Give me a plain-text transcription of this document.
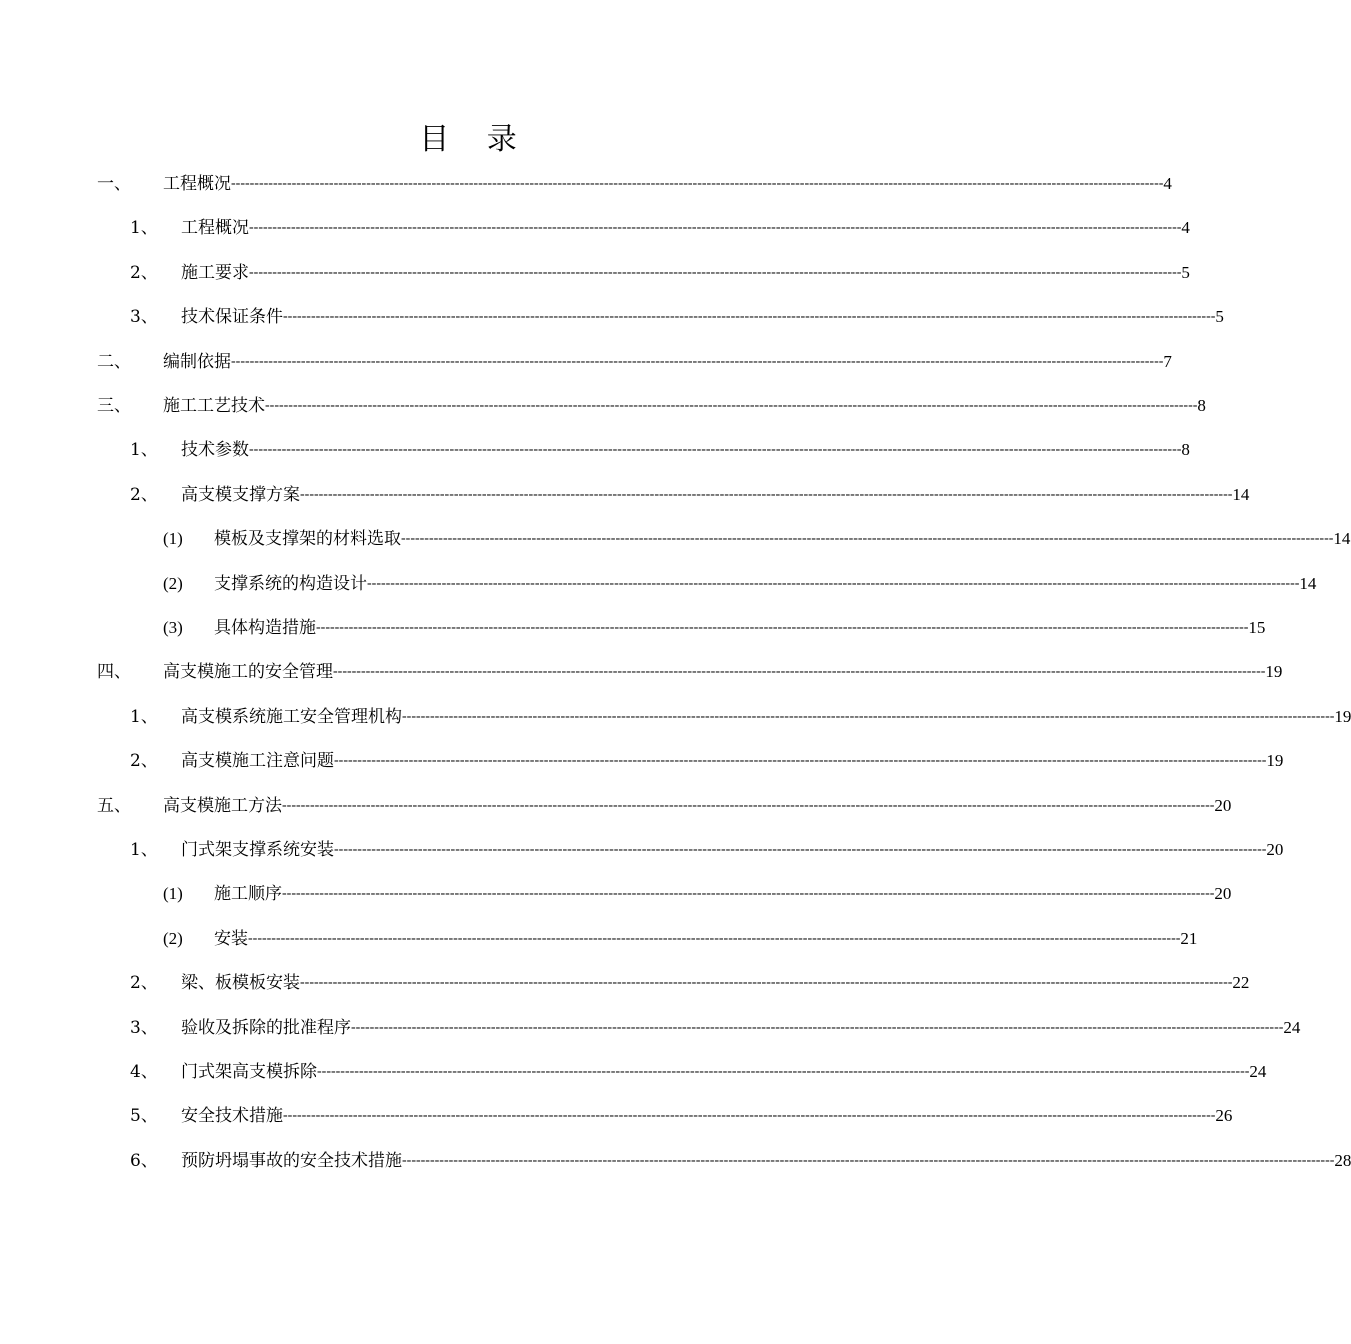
目 录
一、 工程概况 -------------------------------------------------------------------------------------------------------------------------------------------------------------------------------------------------------- 4
1、 工程概况 -------------------------------------------------------------------------------------------------------------------------------------------------------------------------------------------------------- 4
2、 施工要求 -------------------------------------------------------------------------------------------------------------------------------------------------------------------------------------------------------- 5
3、 技术保证条件 -------------------------------------------------------------------------------------------------------------------------------------------------------------------------------------------------------- 5
二、 编制依据 -------------------------------------------------------------------------------------------------------------------------------------------------------------------------------------------------------- 7
三、 施工工艺技术 -------------------------------------------------------------------------------------------------------------------------------------------------------------------------------------------------------- 8
1、 技术参数 -------------------------------------------------------------------------------------------------------------------------------------------------------------------------------------------------------- 8
2、 高支模支撑方案 -------------------------------------------------------------------------------------------------------------------------------------------------------------------------------------------------------- 14
(1) 模板及支撑架的材料选取 -------------------------------------------------------------------------------------------------------------------------------------------------------------------------------------------------------- 14
(2) 支撑系统的构造设计 -------------------------------------------------------------------------------------------------------------------------------------------------------------------------------------------------------- 14
(3) 具体构造措施 -------------------------------------------------------------------------------------------------------------------------------------------------------------------------------------------------------- 15
四、 高支模施工的安全管理 -------------------------------------------------------------------------------------------------------------------------------------------------------------------------------------------------------- 19
1、 高支模系统施工安全管理机构 -------------------------------------------------------------------------------------------------------------------------------------------------------------------------------------------------------- 19
2、 高支模施工注意问题 -------------------------------------------------------------------------------------------------------------------------------------------------------------------------------------------------------- 19
五、 高支模施工方法 -------------------------------------------------------------------------------------------------------------------------------------------------------------------------------------------------------- 20
1、 门式架支撑系统安装 -------------------------------------------------------------------------------------------------------------------------------------------------------------------------------------------------------- 20
(1) 施工顺序 -------------------------------------------------------------------------------------------------------------------------------------------------------------------------------------------------------- 20
(2) 安装 -------------------------------------------------------------------------------------------------------------------------------------------------------------------------------------------------------- 21
2、 梁、板模板安装 -------------------------------------------------------------------------------------------------------------------------------------------------------------------------------------------------------- 22
3、 验收及拆除的批准程序 -------------------------------------------------------------------------------------------------------------------------------------------------------------------------------------------------------- 24
4、 门式架高支模拆除 -------------------------------------------------------------------------------------------------------------------------------------------------------------------------------------------------------- 24
5、 安全技术措施 -------------------------------------------------------------------------------------------------------------------------------------------------------------------------------------------------------- 26
6、 预防坍塌事故的安全技术措施 -------------------------------------------------------------------------------------------------------------------------------------------------------------------------------------------------------- 28
